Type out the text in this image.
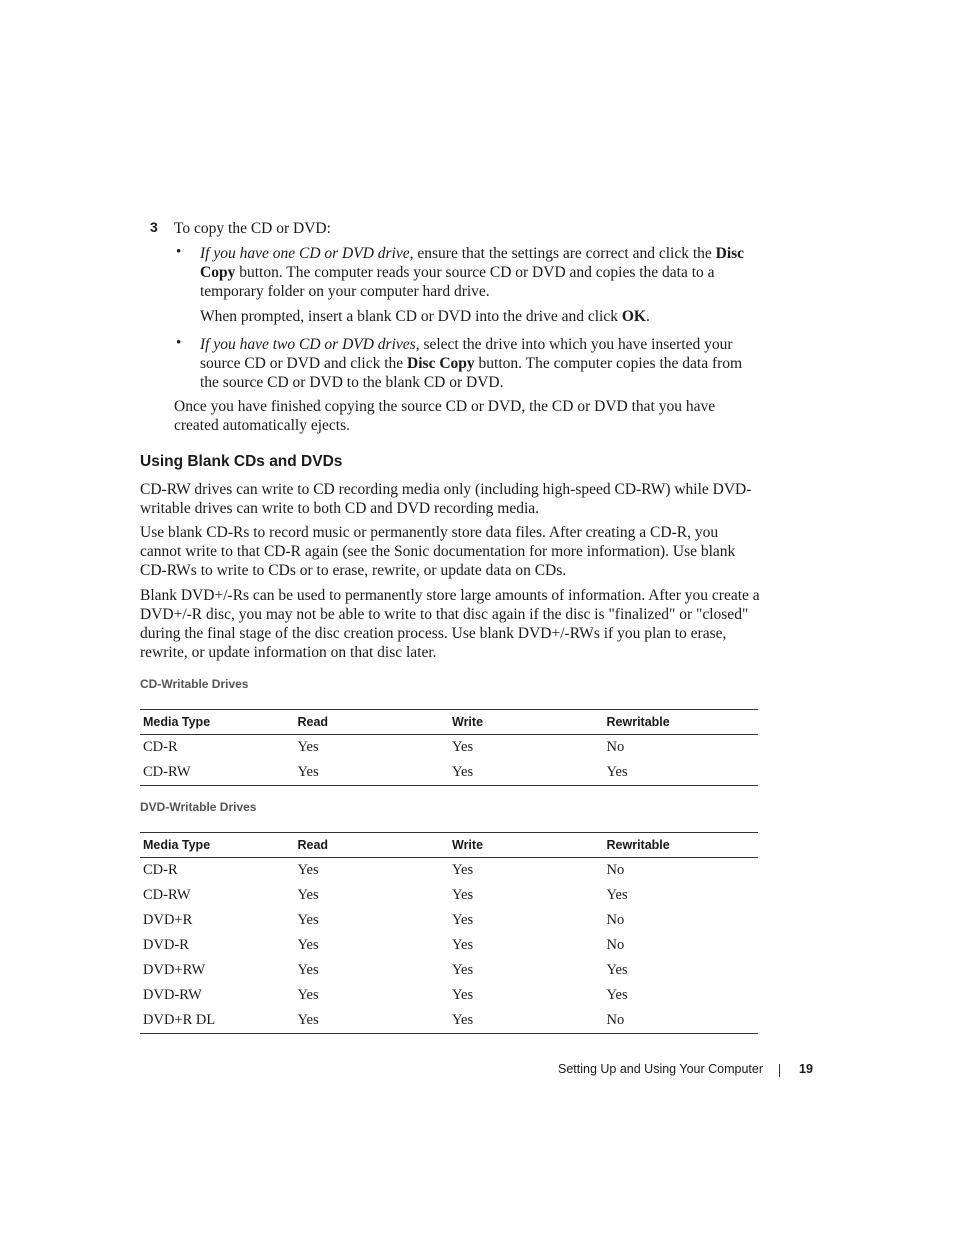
3 To copy the CD or DVD:
• If you have one CD or DVD drive, ensure that the settings are correct and click the Disc Copy button. The computer reads your source CD or DVD and copies the data to a temporary folder on your computer hard drive.
When prompted, insert a blank CD or DVD into the drive and click OK.
• If you have two CD or DVD drives, select the drive into which you have inserted your source CD or DVD and click the Disc Copy button. The computer copies the data from the source CD or DVD to the blank CD or DVD.
Once you have finished copying the source CD or DVD, the CD or DVD that you have created automatically ejects.
Using Blank CDs and DVDs

CD-RW drives can write to CD recording media only (including high-speed CD-RW) while DVD-writable drives can write to both CD and DVD recording media.

Use blank CD-Rs to record music or permanently store data files. After creating a CD-R, you cannot write to that CD-R again (see the Sonic documentation for more information). Use blank CD-RWs to write to CDs or to erase, rewrite, or update data on CDs.

Blank DVD+/-Rs can be used to permanently store large amounts of information. After you create a DVD+/-R disc, you may not be able to write to that disc again if the disc is "finalized" or "closed" during the final stage of the disc creation process. Use blank DVD+/-RWs if you plan to erase, rewrite, or update information on that disc later.

CD-Writable Drives
Media Type	Read	Write	Rewritable
CD-R	Yes	Yes	No
CD-RW	Yes	Yes	Yes
DVD-Writable Drives
Media Type	Read	Write	Rewritable
CD-R	Yes	Yes	No
CD-RW	Yes	Yes	Yes
DVD+R	Yes	Yes	No
DVD-R	Yes	Yes	No
DVD+RW	Yes	Yes	Yes
DVD-RW	Yes	Yes	Yes
DVD+R DL	Yes	Yes	No
Setting Up and Using Your Computer	19
